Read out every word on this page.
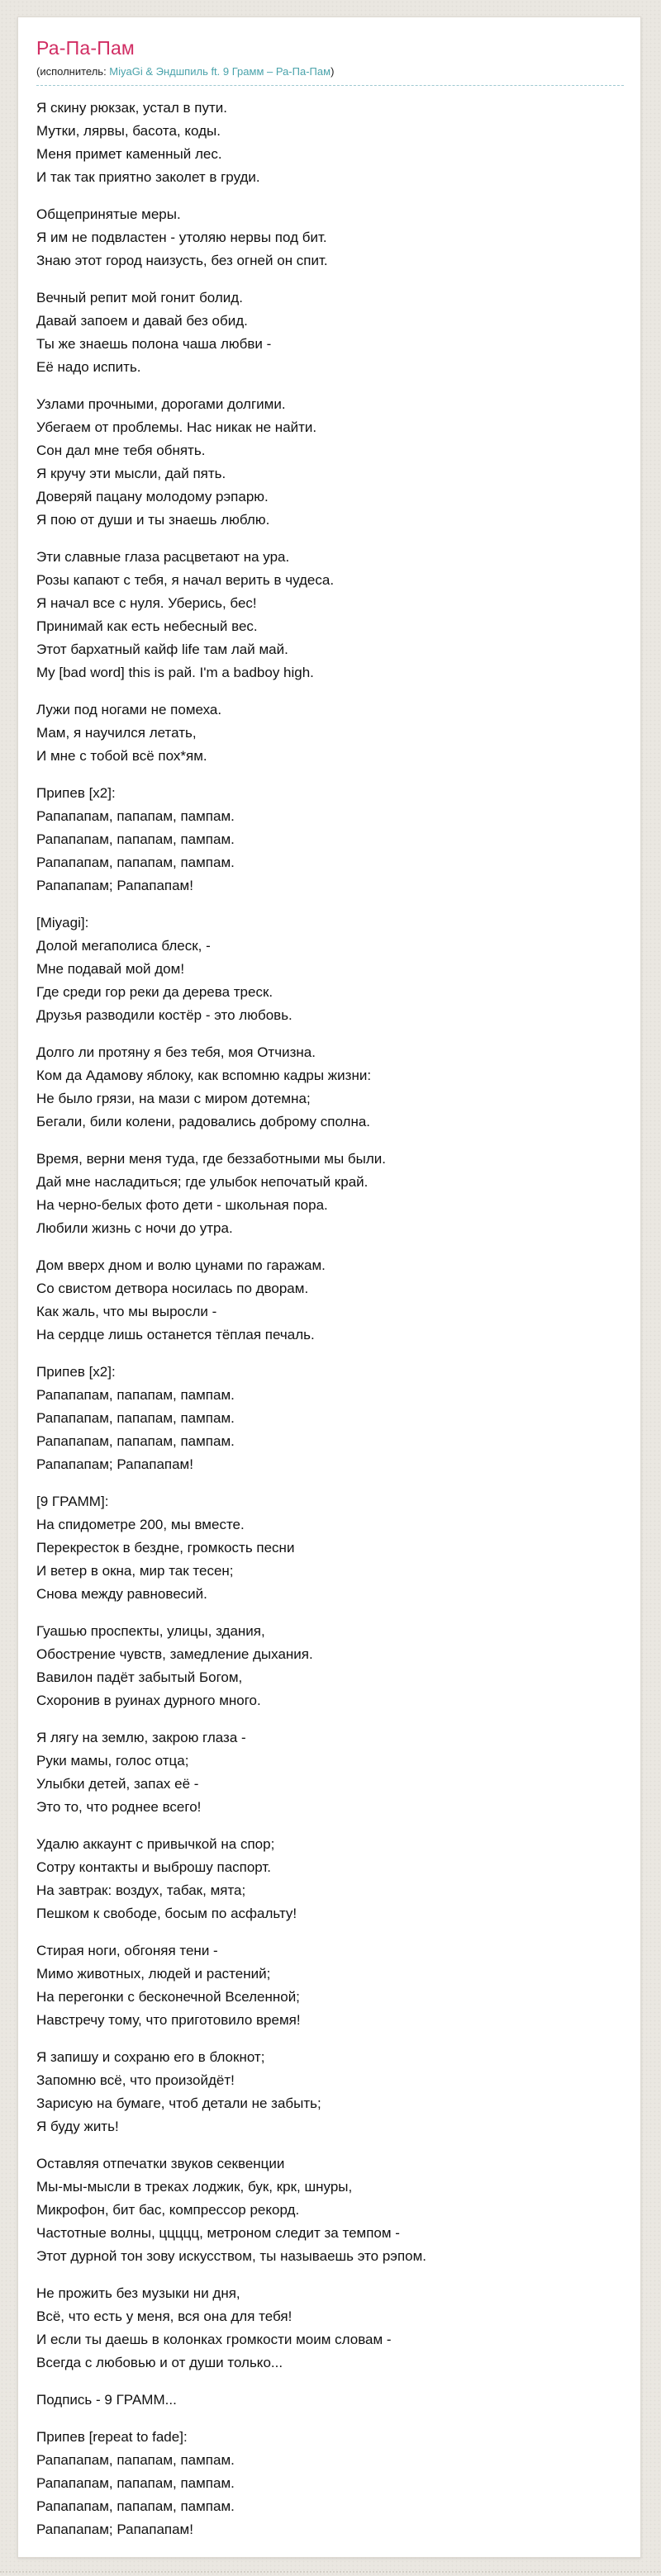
Ра-Па-Пам
(исполнитель: MiyaGi & Эндшпиль ft. 9 Грамм – Ра-Па-Пам)

Я скину рюкзак, устал в пути.
Мутки, лярвы, басота, коды.
Меня примет каменный лес.
И так так приятно заколет в груди.

Общепринятые меры.
Я им не подвластен - утоляю нервы под бит.
Знаю этот город наизусть, без огней он спит.

Вечный репит мой гонит болид.
Давай запоем и давай без обид.
Ты же знаешь полона чаша любви -
Её надо испить.

Узлами прочными, дорогами долгими.
Убегаем от проблемы. Нас никак не найти.
Сон дал мне тебя обнять.
Я кручу эти мысли, дай пять.
Доверяй пацану молодому рэпарю.
Я пою от души и ты знаешь люблю.

Эти славные глаза расцветают на ура.
Розы капают с тебя, я начал верить в чудеса.
Я начал все с нуля. Уберись, бес!
Принимай как есть небесный вес.
Этот бархатный кайф life там лай май.
My [bad word] this is рай. I'm a badboy high.

Лужи под ногами не помеха.
Мам, я научился летать,
И мне с тобой всё пох*ям.

Припев [x2]:
Рапапапам, папапам, пампам.
Рапапапам, папапам, пампам.
Рапапапам, папапам, пампам.
Рапапапам; Рапапапам!

[Miyagi]:
Долой мегаполиса блеск, -
Мне подавай мой дом!
Где среди гор реки да дерева треск.
Друзья разводили костёр - это любовь.

Долго ли протяну я без тебя, моя Отчизна.
Ком да Адамову яблоку, как вспомню кадры жизни:
Не было грязи, на мази с миром дотемна;
Бегали, били колени, радовались доброму сполна.

Время, верни меня туда, где беззаботными мы были.
Дай мне насладиться; где улыбок непочатый край.
На черно-белых фото дети - школьная пора.
Любили жизнь с ночи до утра.

Дом вверх дном и волю цунами по гаражам.
Со свистом детвора носилась по дворам.
Как жаль, что мы выросли -
На сердце лишь останется тёплая печаль.

Припев [x2]:
Рапапапам, папапам, пампам.
Рапапапам, папапам, пампам.
Рапапапам, папапам, пампам.
Рапапапам; Рапапапам!

[9 ГРАММ]:
На спидометре 200, мы вместе.
Перекресток в бездне, громкость песни
И ветер в окна, мир так тесен;
Снова между равновесий.

Гуашью проспекты, улицы, здания,
Обострение чувств, замедление дыхания.
Вавилон падёт забытый Богом,
Схоронив в руинах дурного много.

Я лягу на землю, закрою глаза -
Руки мамы, голос отца;
Улыбки детей, запах её -
Это то, что роднее всего!

Удалю аккаунт с привычкой на спор;
Сотру контакты и выброшу паспорт.
На завтрак: воздух, табак, мята;
Пешком к свободе, босым по асфальту!

Стирая ноги, обгоняя тени -
Мимо животных, людей и растений;
На перегонки с бесконечной Вселенной;
Навстречу тому, что приготовило время!

Я запишу и сохраню его в блокнот;
Запомню всё, что произойдёт!
Зарисую на бумаге, чтоб детали не забыть;
Я буду жить!

Оставляя отпечатки звуков секвенции
Мы-мы-мысли в треках лоджик, бук, крк, шнуры,
Микрофон, бит бас, компрессор рекорд.
Частотные волны, ццццц, метроном следит за темпом -
Этот дурной тон зову искусством, ты называешь это рэпом.

Не прожить без музыки ни дня,
Всё, что есть у меня, вся она для тебя!
И если ты даешь в колонках громкости моим словам -
Всегда с любовью и от души только...

Подпись - 9 ГРАММ...

Припев [repeat to fade]:
Рапапапам, папапам, пампам.
Рапапапам, папапам, пампам.
Рапапапам, папапам, пампам.
Рапапапам; Рапапапам!
